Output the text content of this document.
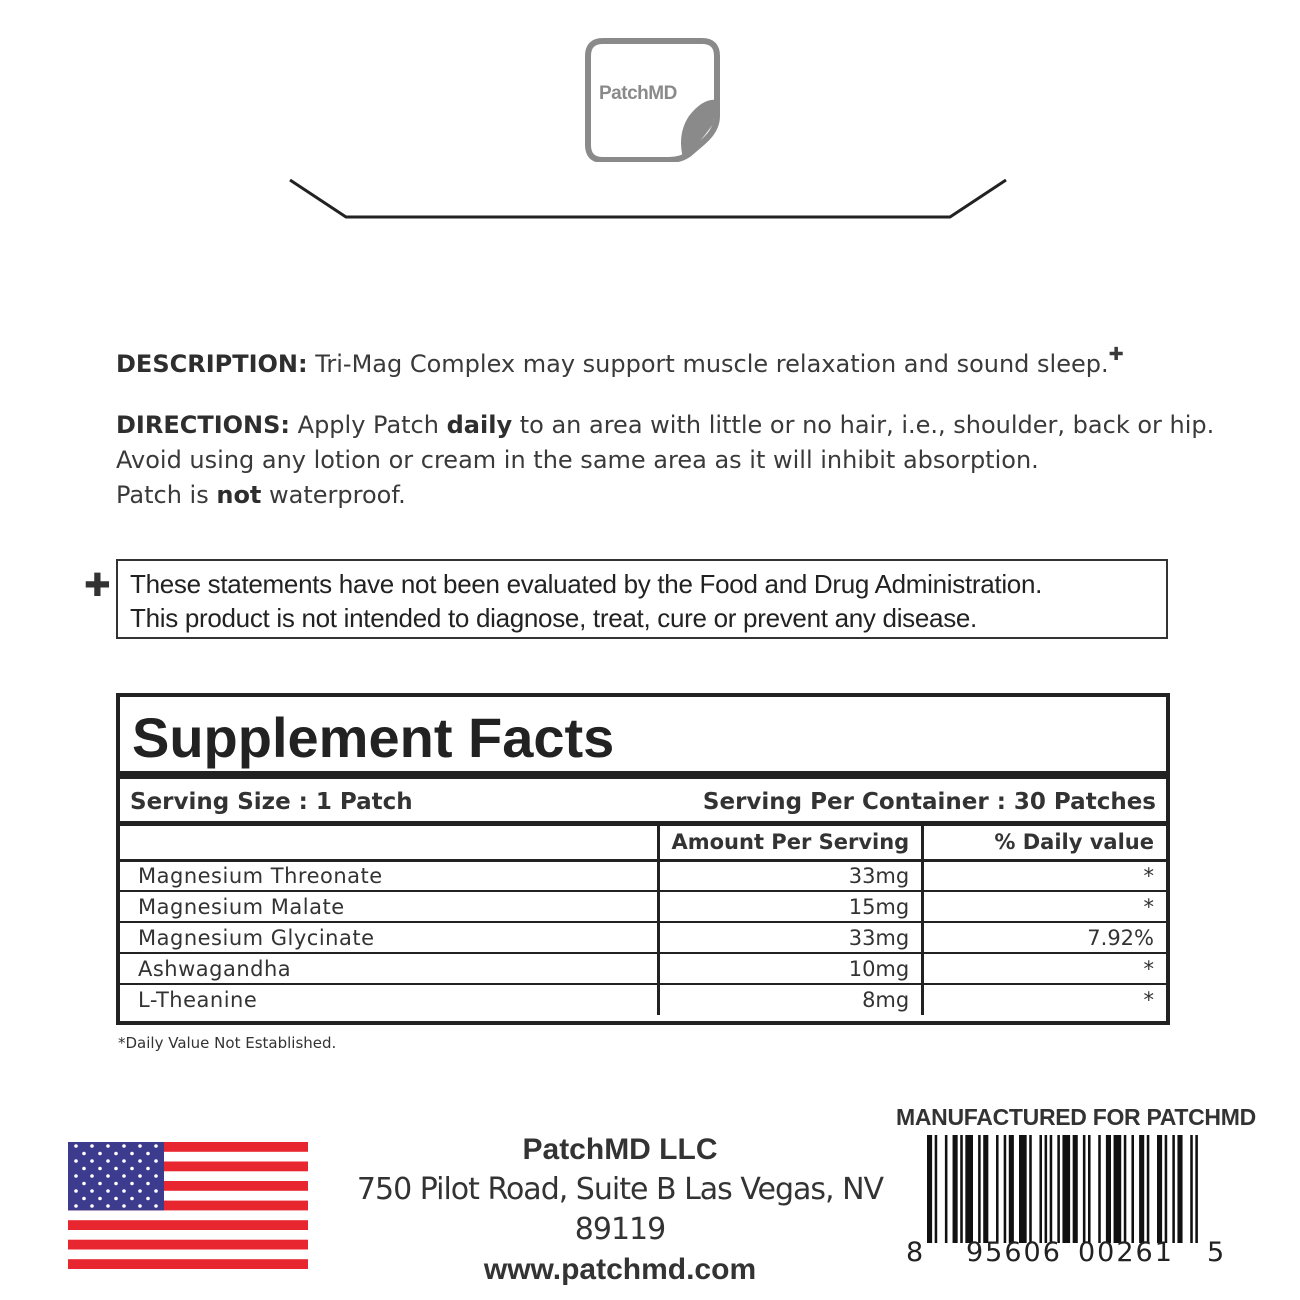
PatchMD
DESCRIPTION: Tri-Mag Complex may support muscle relaxation and sound sleep.✚
DIRECTIONS: Apply Patch daily to an area with little or no hair, i.e., shoulder, back or hip.
Avoid using any lotion or cream in the same area as it will inhibit absorption.
Patch is not waterproof.
✚ These statements have not been evaluated by the Food and Drug Administration.
This product is not intended to diagnose, treat, cure or prevent any disease.
Supplement Facts
Serving Size : 1 Patch	Serving Per Container : 30 Patches
	Amount Per Serving	% Daily value
Magnesium Threonate	33mg	*
Magnesium Malate	15mg	*
Magnesium Glycinate	33mg	7.92%
Ashwagandha	10mg	*
L-Theanine	8mg	*
*Daily Value Not Established.
PatchMD LLC
750 Pilot Road, Suite B Las Vegas, NV 89119
www.patchmd.com
MANUFACTURED FOR PATCHMD
8 95606 00261 5
